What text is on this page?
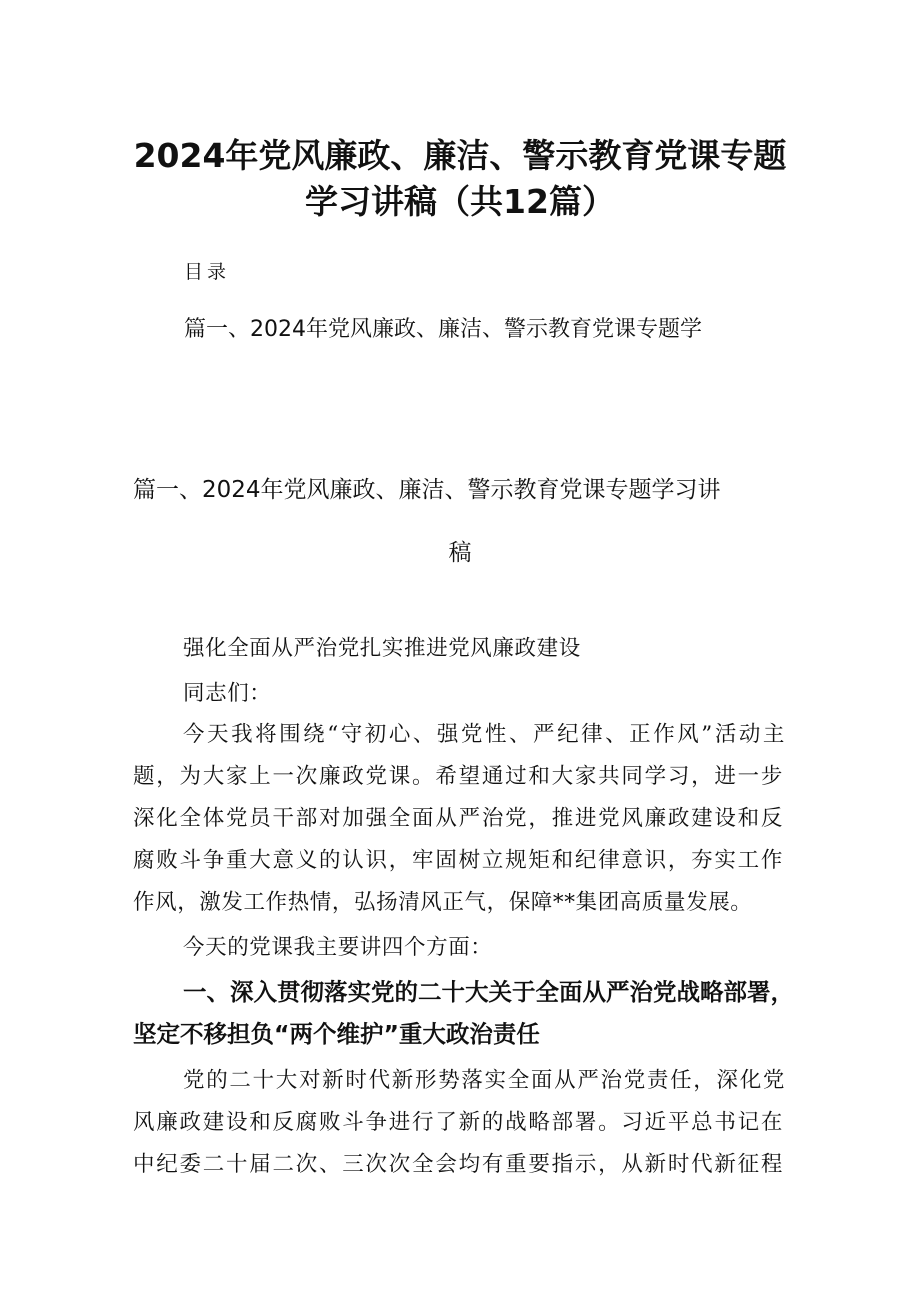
2024年党风廉政、廉洁、警示教育党课专题
学习讲稿（共12篇）
目录
篇一、2024年党风廉政、廉洁、警示教育党课专题学
篇一、2024年党风廉政、廉洁、警示教育党课专题学习讲
稿
强化全面从严治党扎实推进党风廉政建设
同志们：
今天我将围绕“守初心、强党性、严纪律、正作风”活动主
题，为大家上一次廉政党课。希望通过和大家共同学习，进一步
深化全体党员干部对加强全面从严治党，推进党风廉政建设和反
腐败斗争重大意义的认识，牢固树立规矩和纪律意识，夯实工作
作风，激发工作热情，弘扬清风正气，保障**集团高质量发展。
今天的党课我主要讲四个方面：
一、深入贯彻落实党的二十大关于全面从严治党战略部署，
坚定不移担负“两个维护”重大政治责任
党的二十大对新时代新形势落实全面从严治党责任，深化党
风廉政建设和反腐败斗争进行了新的战略部署。习近平总书记在
中纪委二十届二次、三次次全会均有重要指示，从新时代新征程
